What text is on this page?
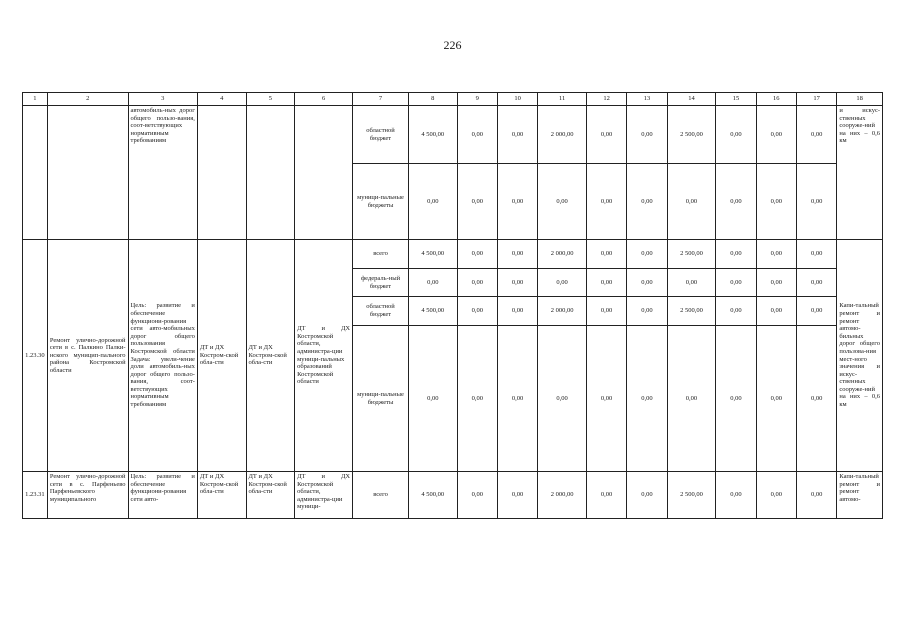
226
1	2	3	4	5	6	7	8	9	10	11	12	13	14	15	16	17	18
		автомобиль-ных дорог общего пользо-вания, соот-ветствующих нормативным требованиям				областной бюджет	4 500,00	0,00	0,00	2 000,00	0,00	0,00	2 500,00	0,00	0,00	0,00	и искус-ственных сооруже-ний на них – 0,6 км
						муници-пальные бюджеты	0,00	0,00	0,00	0,00	0,00	0,00	0,00	0,00	0,00	0,00	
1.23.30	Ремонт улично-дорожной сети в с. Палкино Палки-нского муницип-пального района Костромской области	Цель: развитие и обеспечение функциони-рования сети авто-мобильных дорог общего пользования Костромской области Задача: увели-чение доли автомобиль-ных дорог общего пользо-вания, соот-ветствующих нормативным требованиям	ДТ и ДХ Костром-ской обла-сти	ДТ и ДХ Костром-ской обла-сти	ДТ и ДХ Костромской области, администра-ции муници-пальных образований Костромской области	всего	4 500,00	0,00	0,00	2 000,00	0,00	0,00	2 500,00	0,00	0,00	0,00	Капи-тальный ремонт и ремонт автомо-бильных дорог общего пользова-ния мест-ного значения и искус-ственных сооруже-ний на них – 0,6 км
						федераль-ный бюджет	0,00	0,00	0,00	0,00	0,00	0,00	0,00	0,00	0,00	0,00	
						областной бюджет	4 500,00	0,00	0,00	2 000,00	0,00	0,00	2 500,00	0,00	0,00	0,00	
						муници-пальные бюджеты	0,00	0,00	0,00	0,00	0,00	0,00	0,00	0,00	0,00	0,00	
1.23.31	Ремонт улично-дорожной сети в с. Парфеньево Парфеньевского муниципального	Цель: развитие и обеспечение функциони-рования сети авто-	ДТ и ДХ Костром-ской обла-сти	ДТ и ДХ Костром-ской обла-сти	ДТ и ДХ Костромской области, администра-ции муници-	всего	4 500,00	0,00	0,00	2 000,00	0,00	0,00	2 500,00	0,00	0,00	0,00	Капи-тальный ремонт и ремонт автомо-
